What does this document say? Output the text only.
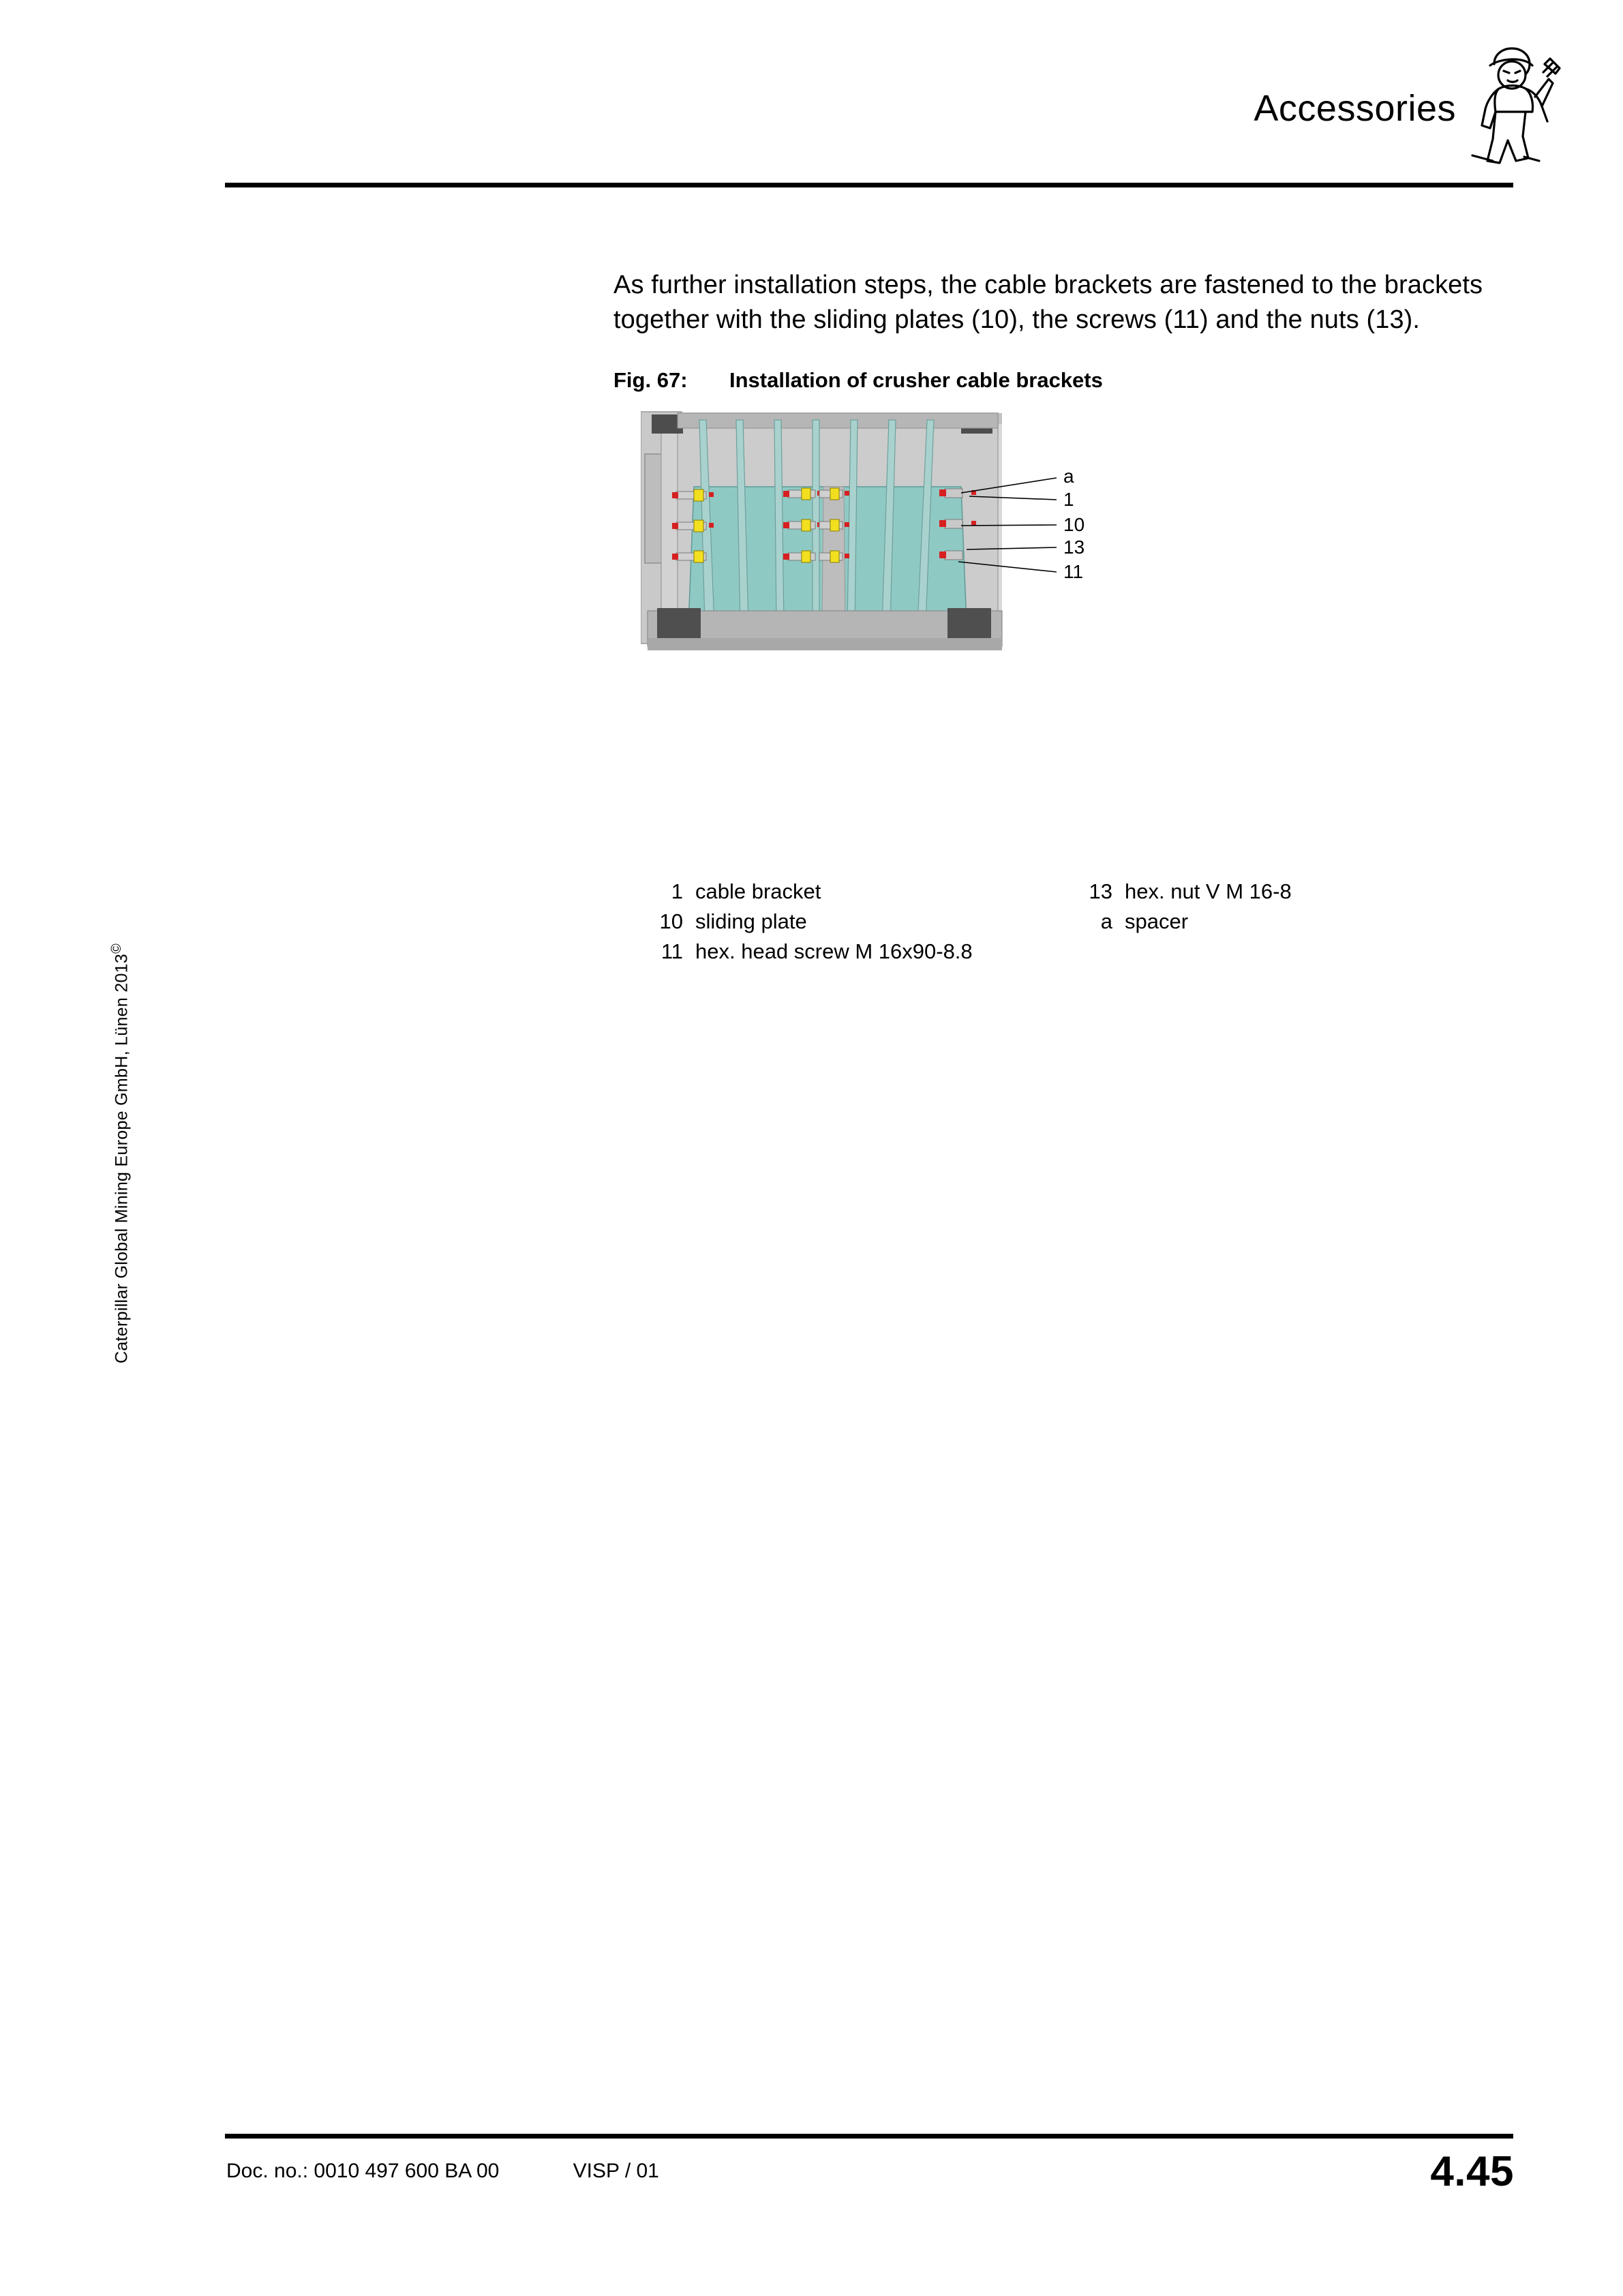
Accessories
Caterpillar Global Mining Europe GmbH, Lünen 2013©

As further installation steps, the cable brackets are fastened to the brackets together with the sliding plates (10), the screws (11) and the nuts (13).

Fig. 67:	Installation of crusher cable brackets
a
1
10
13
11
1 cable bracket
10 sliding plate
11 hex. head screw M 16x90-8.8
13 hex. nut V M 16-8
a spacer
Doc. no.: 0010 497 600 BA 00	VISP / 01	4.45
